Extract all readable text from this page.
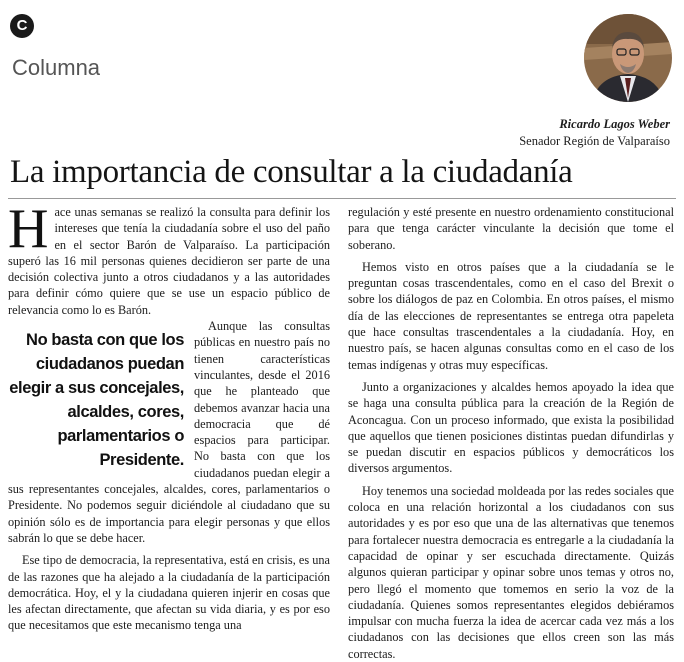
C
Columna
Ricardo Lagos Weber
Senador Región de Valparaíso
La importancia de consultar a la ciudadanía

Hace unas semanas se realizó la consulta para definir los intereses que tenía la ciudadanía sobre el uso del paño en el sector Barón de Valparaíso. La participación superó las 16 mil personas quienes decidieron ser parte de una decisión colectiva junto a otros ciudadanos y a las autoridades para definir cómo quiere que se use un espacio público de relevancia como lo es Barón.

No basta con que los ciudadanos puedan elegir a sus concejales, alcaldes, cores, parlamentarios o Presidente.

Aunque las consultas públicas en nuestro país no tienen características vinculantes, desde el 2016 que he planteado que debemos avanzar hacia una democracia que dé espacios para participar. No basta con que los ciudadanos puedan elegir a sus representantes concejales, alcaldes, cores, parlamentarios o Presidente. No podemos seguir diciéndole al ciudadano que su opinión sólo es de importancia para elegir personas y que ellos sabrán lo que se debe hacer.

Ese tipo de democracia, la representativa, está en crisis, es una de las razones que ha alejado a la ciudadanía de la participación democrática. Hoy, el y la ciudadana quieren injerir en cosas que les afectan directamente, que afectan su vida diaria, y es por eso que necesitamos que este mecanismo tenga una

regulación y esté presente en nuestro ordenamiento constitucional para que tenga carácter vinculante la decisión que tome el soberano.

Hemos visto en otros países que a la ciudadanía se le preguntan cosas trascendentales, como en el caso del Brexit o sobre los diálogos de paz en Colombia. En otros países, el mismo día de las elecciones de representantes se entrega otra papeleta que hace consultas trascendentales a la ciudadanía. Hoy, en nuestro país, se hacen algunas consultas como en el caso de los temas indígenas y otras muy específicas.

Junto a organizaciones y alcaldes hemos apoyado la idea que se haga una consulta pública para la creación de la Región de Aconcagua. Con un proceso informado, que exista la posibilidad que aquellos que tienen posiciones distintas puedan difundirlas y se puedan discutir en espacios públicos y democráticos los diversos argumentos.

Hoy tenemos una sociedad moldeada por las redes sociales que coloca en una relación horizontal a los ciudadanos con sus autoridades y es por eso que una de las alternativas que tenemos para fortalecer nuestra democracia es entregarle a la ciudadanía la capacidad de opinar y ser escuchada directamente. Quizás algunos quieran participar y opinar sobre unos temas y otros no, pero llegó el momento que tomemos en serio la voz de la ciudadanía. Quienes somos representantes elegidos debiéramos impulsar con mucha fuerza la idea de acercar cada vez más a los ciudadanos con las decisiones que ellos creen son las más correctas.
